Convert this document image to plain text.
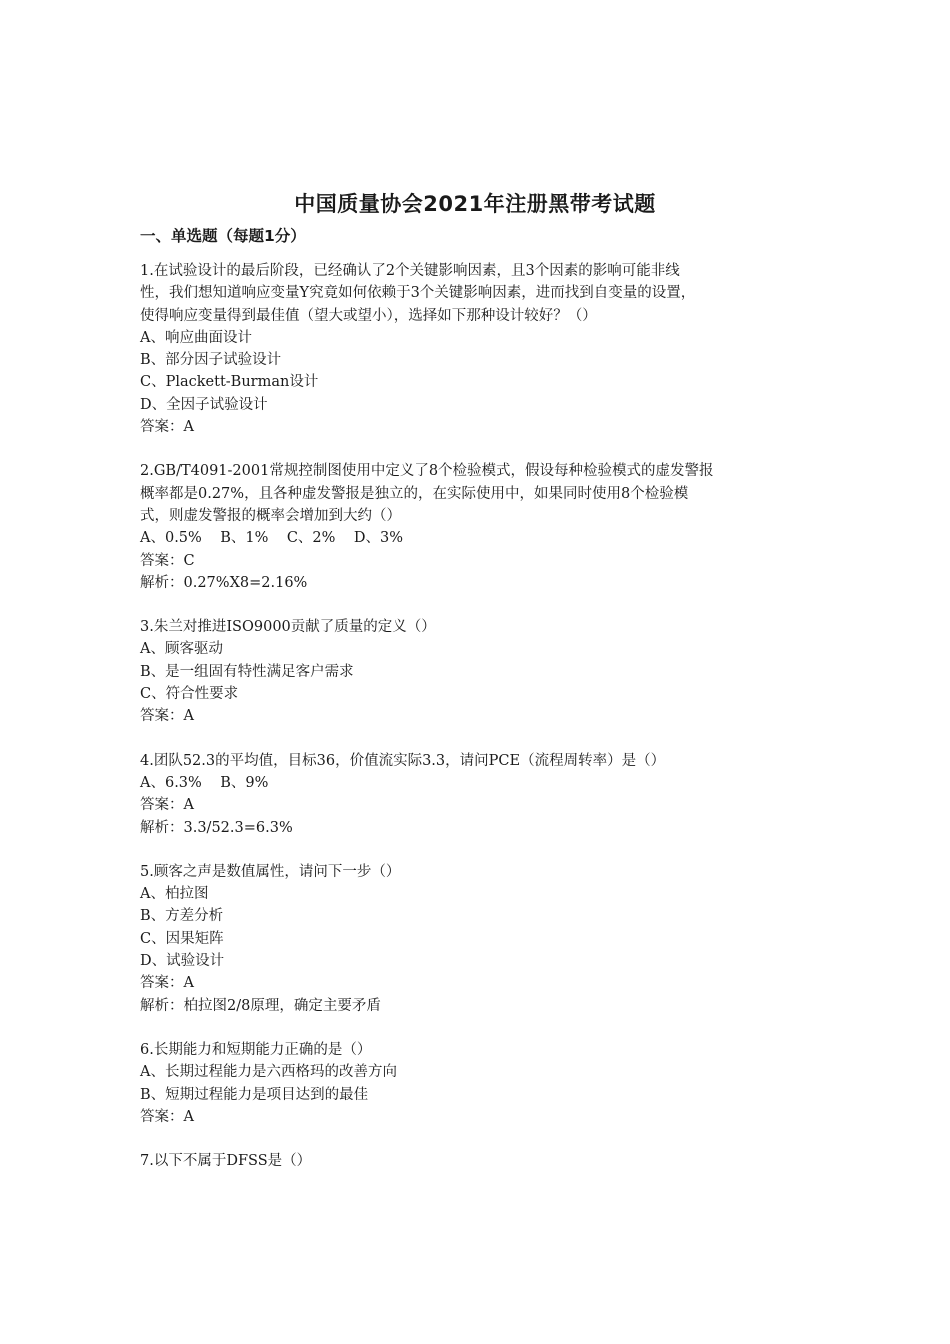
中国质量协会2021年注册黑带考试题
一、单选题（每题1分）
1.在试验设计的最后阶段，已经确认了2个关键影响因素，且3个因素的影响可能非线
性，我们想知道响应变量Y究竟如何依赖于3个关键影响因素，进而找到自变量的设置，
使得响应变量得到最佳值（望大或望小），选择如下那种设计较好？（）
A、响应曲面设计
B、部分因子试验设计
C、Plackett-Burman设计
D、全因子试验设计
答案：A
2.GB/T4091-2001常规控制图使用中定义了8个检验模式，假设每种检验模式的虚发警报
概率都是0.27%，且各种虚发警报是独立的，在实际使用中，如果同时使用8个检验模
式，则虚发警报的概率会增加到大约（）
A、0.5%    B、1%    C、2%    D、3%
答案：C
解析：0.27%X8=2.16%
3.朱兰对推进ISO9000贡献了质量的定义（）
A、顾客驱动
B、是一组固有特性满足客户需求
C、符合性要求
答案：A
4.团队52.3的平均值，目标36，价值流实际3.3，请问PCE（流程周转率）是（）
A、6.3%    B、9%
答案：A
解析：3.3/52.3=6.3%
5.顾客之声是数值属性，请问下一步（）
A、柏拉图
B、方差分析
C、因果矩阵
D、试验设计
答案：A
解析：柏拉图2/8原理，确定主要矛盾
6.长期能力和短期能力正确的是（）
A、长期过程能力是六西格玛的改善方向
B、短期过程能力是项目达到的最佳
答案：A
7.以下不属于DFSS是（）
